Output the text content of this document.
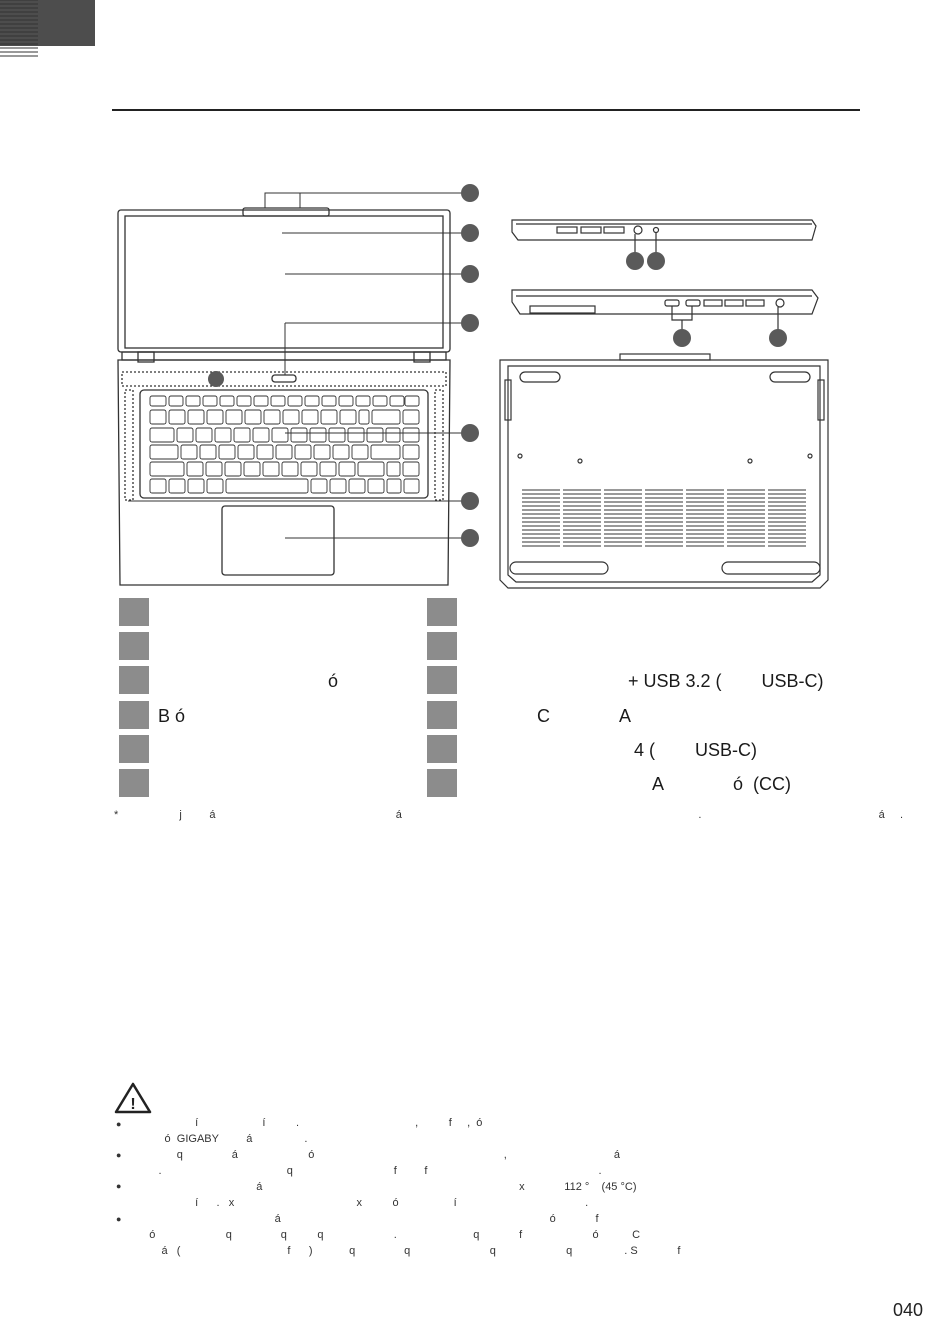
ó
B ó
+ USB 3.2 (        USB-C)
C              A
4 (        USB-C)
A              ó  (CC)
*                    j         á                                                           á                                                                                                 .                                                          á     .
!
●
●
●
●
í                     í          .                                      ,          f     ,  ó
ó  GIGABY         á                 .
q                á                       ó                                                              ,                                   á
.                                         q                                 f         f                                                        .
á                                                                                    x             112 °    (45 °C)
í      .   x                                        x          ó                  í                                          .
á                                                                                        ó             f
ó                       q                q          q                       .                         q             f                       ó           C
á   (                                   f      )            q                q                          q                       q                 . S             f
040
